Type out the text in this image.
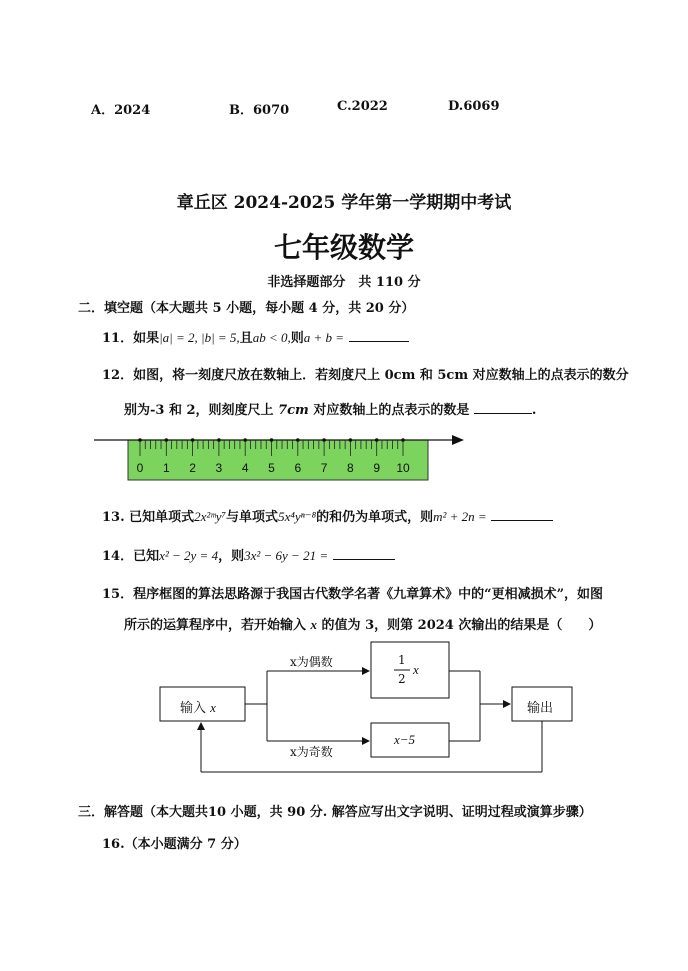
A．2024	B．6070	C.2022	D.6069
章丘区 2024-2025 学年第一学期期中考试
七年级数学
非选择题部分　共 110 分
二．填空题（本大题共 5 小题，每小题 4 分，共 20 分）
11．如果|a| = 2, |b| = 5,且ab < 0,则a + b =
12．如图，将一刻度尺放在数轴上．若刻度尺上 0cm 和 5cm 对应数轴上的点表示的数分
别为-3 和 2，则刻度尺上 7cm 对应数轴上的点表示的数是	.
0 1 2 3 4 5 6 7 8 9 10
13. 已知单项式2x²ᵐy⁷与单项式5x⁴yⁿ⁻⁸的和仍为单项式，则m² + 2n =
14．已知x² − 2y = 4，则3x² − 6y − 21 =
15．程序框图的算法思路源于我国古代数学名著《九章算术》中的“更相减损术”，如图
所示的运算程序中，若开始输入 x 的值为 3，则第 2024 次输出的结果是（　　）
输入 x
x为偶数
x为奇数
1
2
x
x−5
输出
三．解答题（本大题共10 小题，共 90 分. 解答应写出文字说明、证明过程或演算步骤）
16.（本小题满分 7 分）
